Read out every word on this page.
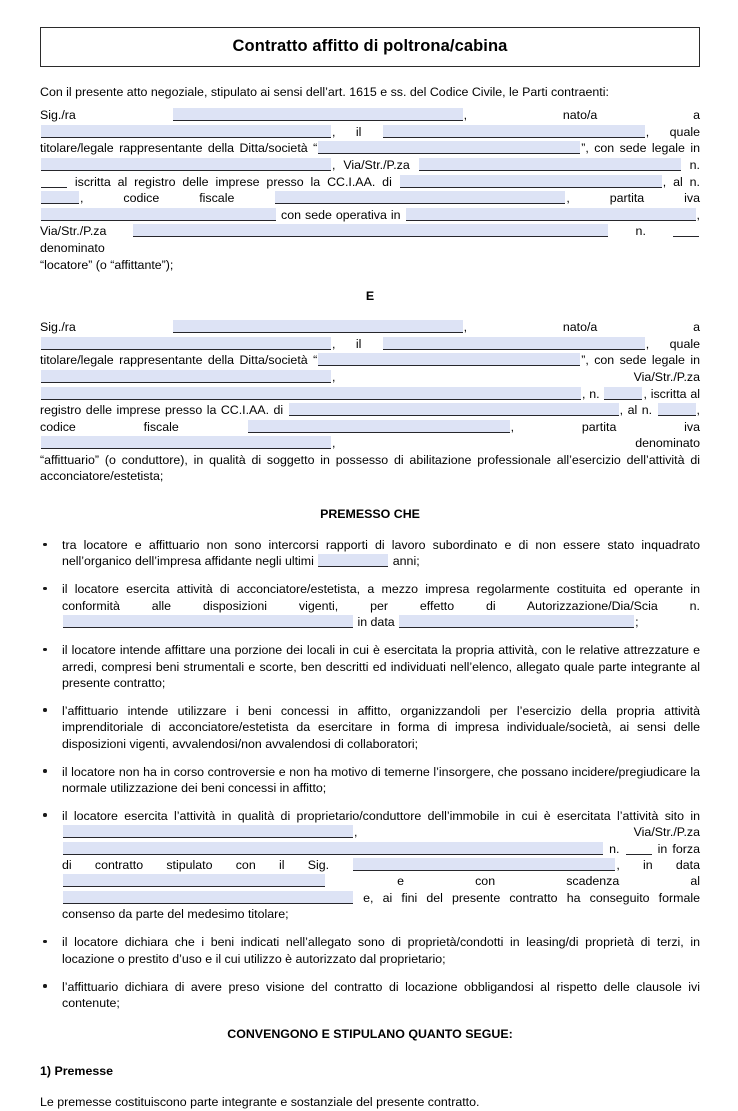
Contratto affitto di poltrona/cabina

Con il presente atto negoziale, stipulato ai sensi dell’art. 1615 e ss. del Codice Civile, le Parti contraenti:

Sig./ra	, nato/a a , il	, quale titolare/legale rappresentante della Ditta/società “	”, con sede legale in , Via/Str./P.za	n.  iscritta al registro delle imprese presso la CC.I.AA. di	, al n. , codice fiscale	, partita iva  con sede operativa in	, Via/Str./P.za	n.  denominato “locatore” (o “affittante”);
E
Sig./ra	, nato/a a , il	, quale titolare/legale rappresentante della Ditta/società “	”, con sede legale in ,	Via/Str./P.za , n.	, iscritta al registro delle imprese presso la CC.I.AA. di	, al n.	, codice fiscale	, partita iva , denominato “affittuario” (o conduttore), in qualità di soggetto in possesso di abilitazione professionale all’esercizio dell’attività di acconciatore/estetista;
PREMESSO CHE
tra locatore e affittuario non sono intercorsi rapporti di lavoro subordinato e di non essere stato inquadrato nell’organico dell’impresa affidante negli ultimi	anni;
il locatore esercita attività di acconciatore/estetista, a mezzo impresa regolarmente costituita ed operante in conformità alle disposizioni vigenti, per effetto di Autorizzazione/Dia/Scia n.  in data	;
il locatore intende affittare una porzione dei locali in cui è esercitata la propria attività, con le relative attrezzature e arredi, compresi beni strumentali e scorte, ben descritti ed individuati nell’elenco, allegato quale parte integrante al presente contratto;
l’affittuario intende utilizzare i beni concessi in affitto, organizzandoli per l’esercizio della propria attività imprenditoriale di acconciatore/estetista da esercitare in forma di impresa individuale/società, ai sensi delle disposizioni vigenti, avvalendosi/non avvalendosi di collaboratori;
il locatore non ha in corso controversie e non ha motivo di temerne l’insorgere, che possano incidere/pregiudicare la normale utilizzazione dei beni concessi in affitto;
il locatore esercita l’attività in qualità di proprietario/conduttore dell’immobile in cui è esercitata l’attività sito in ,	Via/Str./P.za  n.	in forza di contratto stipulato con il Sig.	, in data  e con scadenza al  e, ai fini del presente contratto ha conseguito formale consenso da parte del medesimo titolare;
il locatore dichiara che i beni indicati nell’allegato sono di proprietà/condotti in leasing/di proprietà di terzi, in locazione o prestito d’uso e il cui utilizzo è autorizzato dal proprietario;
l’affittuario dichiara di avere preso visione del contratto di locazione obbligandosi al rispetto delle clausole ivi contenute;
CONVENGONO E STIPULANO QUANTO SEGUE:
1) Premesse

Le premesse costituiscono parte integrante e sostanziale del presente contratto.
